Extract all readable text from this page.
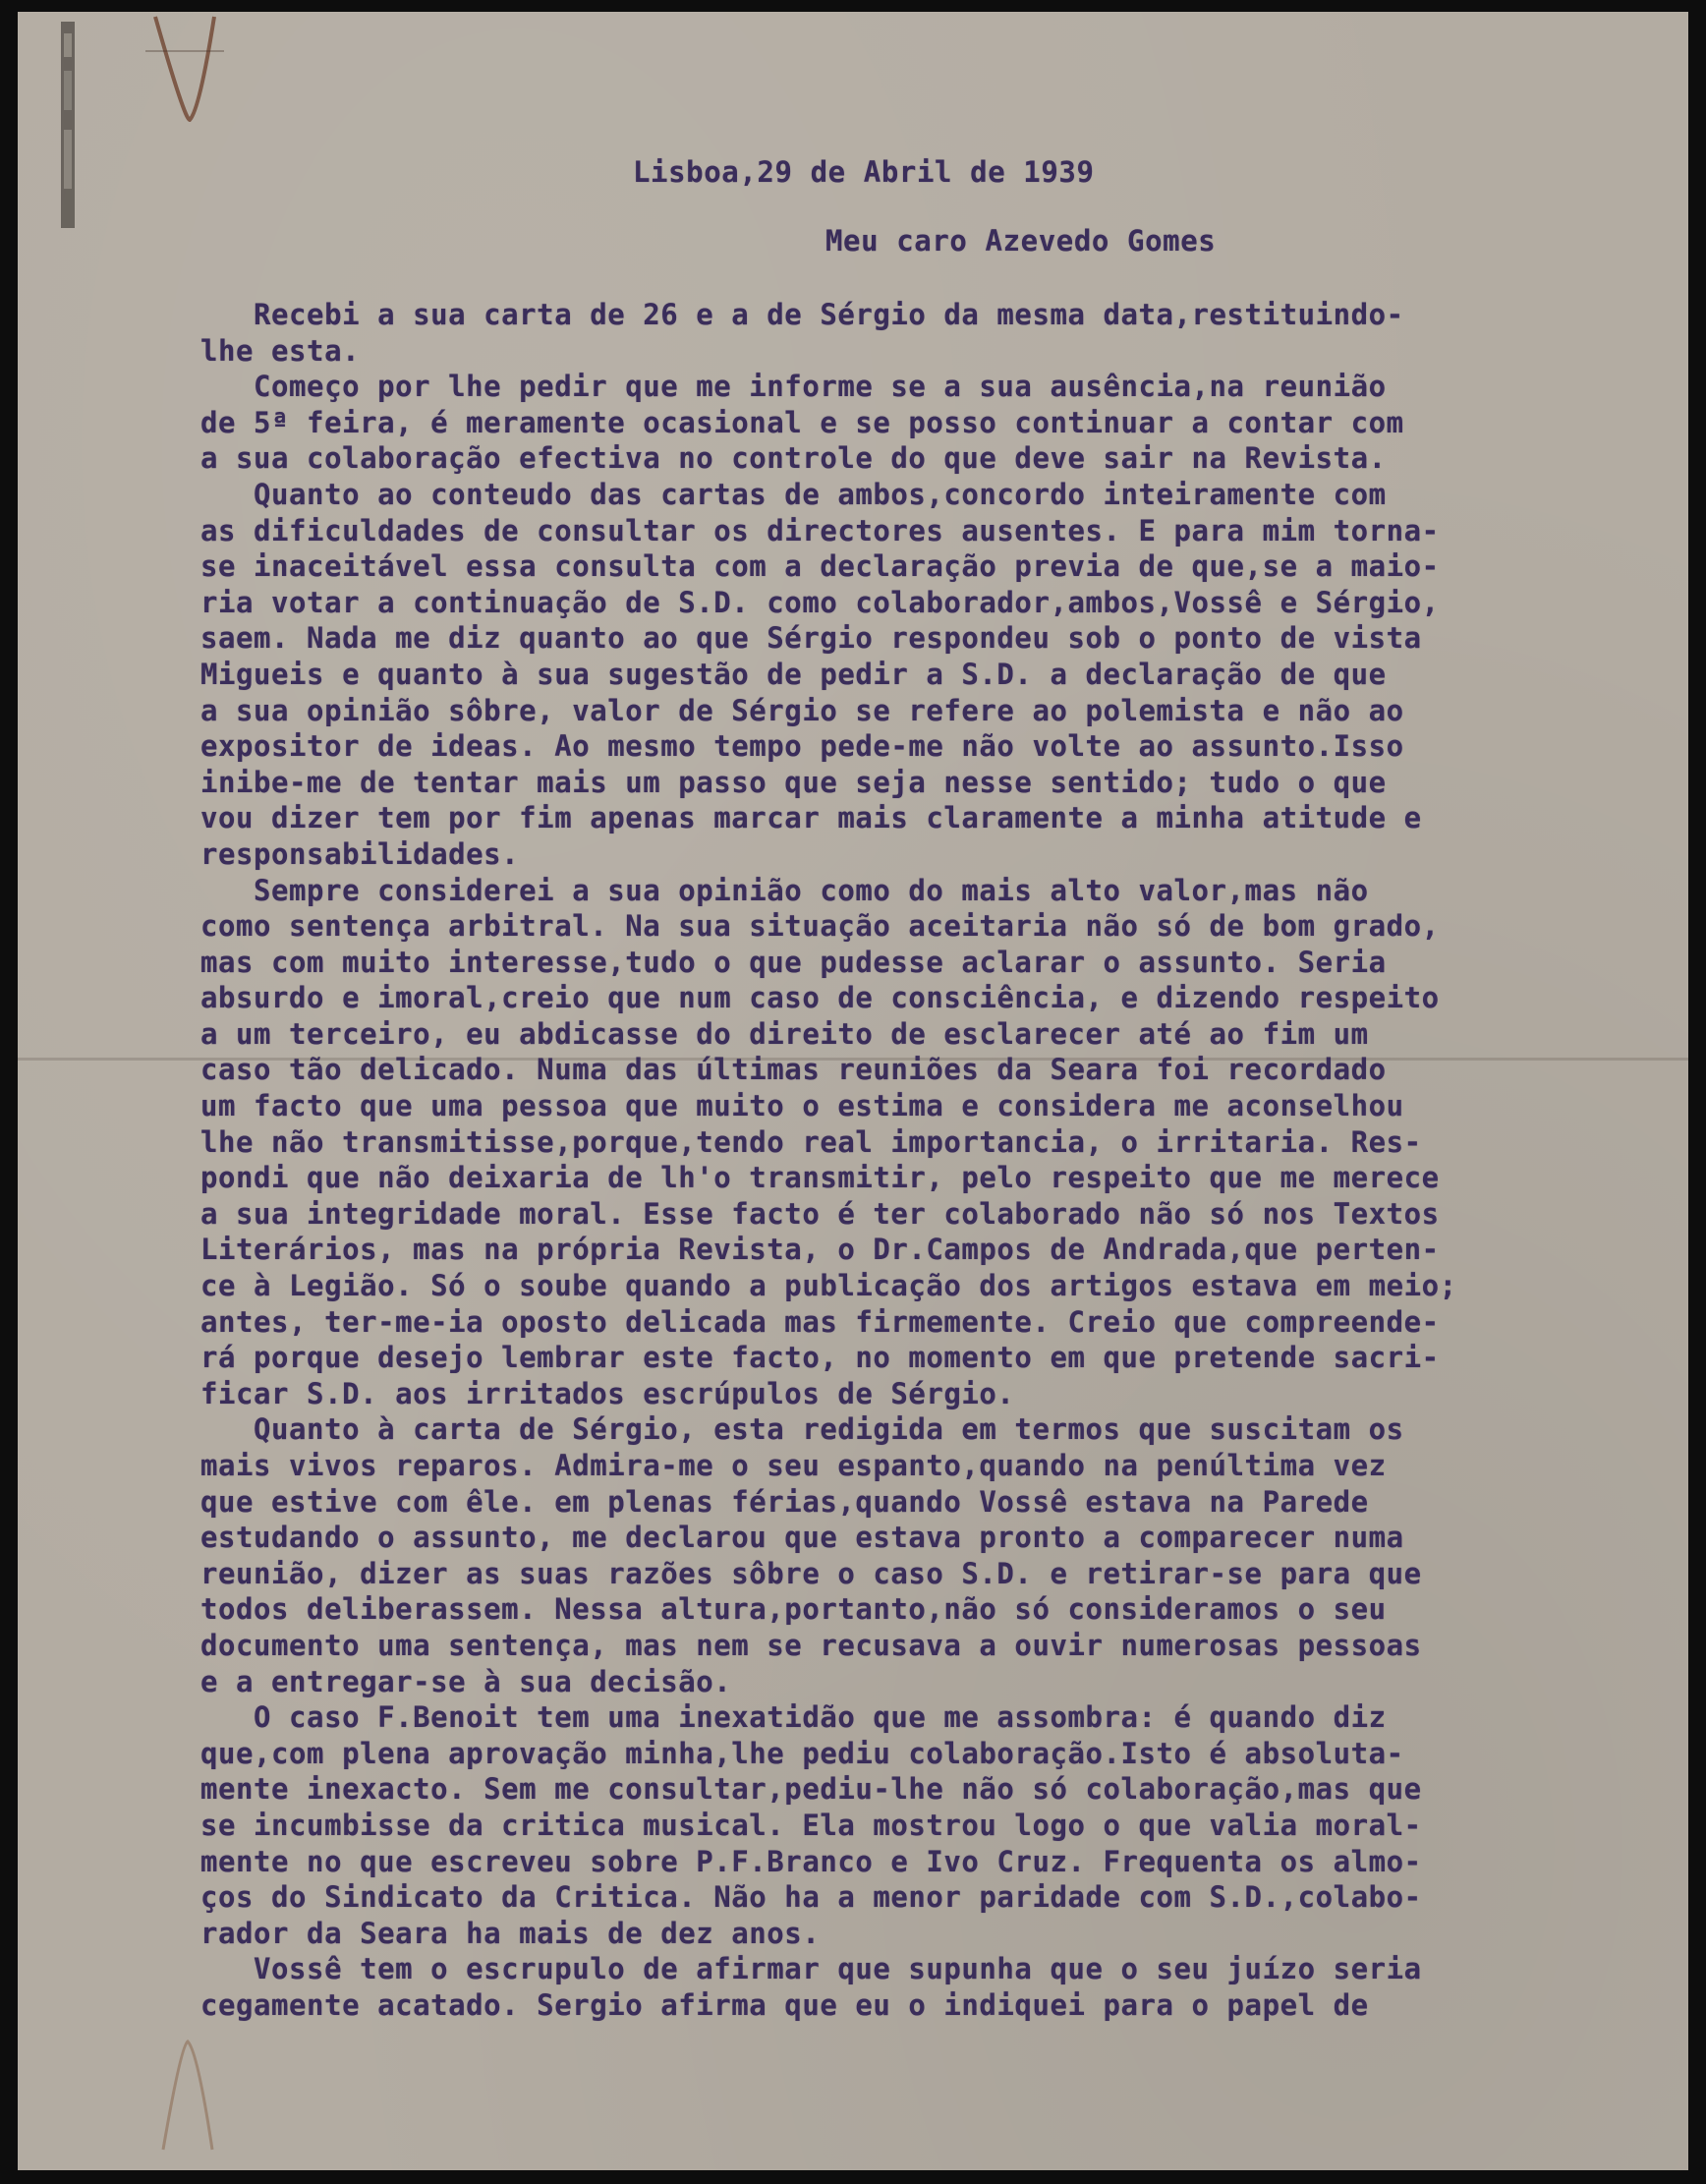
Lisboa,29 de Abril de 1939
Meu caro Azevedo Gomes
Recebi a sua carta de 26 e a de Sérgio da mesma data,restituindo-
lhe esta.
Começo por lhe pedir que me informe se a sua ausência,na reunião
de 5ª feira, é meramente ocasional e se posso continuar a contar com
a sua colaboração efectiva no controle do que deve sair na Revista.
Quanto ao conteudo das cartas de ambos,concordo inteiramente com
as dificuldades de consultar os directores ausentes. E para mim torna-
se inaceitável essa consulta com a declaração previa de que,se a maio-
ria votar a continuação de S.D. como colaborador,ambos,Vossê e Sérgio,
saem. Nada me diz quanto ao que Sérgio respondeu sob o ponto de vista
Migueis e quanto à sua sugestão de pedir a S.D. a declaração de que
a sua opinião sôbre, valor de Sérgio se refere ao polemista e não ao
expositor de ideas. Ao mesmo tempo pede-me não volte ao assunto.Isso
inibe-me de tentar mais um passo que seja nesse sentido; tudo o que
vou dizer tem por fim apenas marcar mais claramente a minha atitude e
responsabilidades.
Sempre considerei a sua opinião como do mais alto valor,mas não
como sentença arbitral. Na sua situação aceitaria não só de bom grado,
mas com muito interesse,tudo o que pudesse aclarar o assunto. Seria
absurdo e imoral,creio que num caso de consciência, e dizendo respeito
a um terceiro, eu abdicasse do direito de esclarecer até ao fim um
caso tão delicado. Numa das últimas reuniões da Seara foi recordado
um facto que uma pessoa que muito o estima e considera me aconselhou
lhe não transmitisse,porque,tendo real importancia, o irritaria. Res-
pondi que não deixaria de lh'o transmitir, pelo respeito que me merece
a sua integridade moral. Esse facto é ter colaborado não só nos Textos
Literários, mas na própria Revista, o Dr.Campos de Andrada,que perten-
ce à Legião. Só o soube quando a publicação dos artigos estava em meio;
antes, ter-me-ia oposto delicada mas firmemente. Creio que compreende-
rá porque desejo lembrar este facto, no momento em que pretende sacri-
ficar S.D. aos irritados escrúpulos de Sérgio.
Quanto à carta de Sérgio, esta redigida em termos que suscitam os
mais vivos reparos. Admira-me o seu espanto,quando na penúltima vez
que estive com êle. em plenas férias,quando Vossê estava na Parede
estudando o assunto, me declarou que estava pronto a comparecer numa
reunião, dizer as suas razões sôbre o caso S.D. e retirar-se para que
todos deliberassem. Nessa altura,portanto,não só consideramos o seu
documento uma sentença, mas nem se recusava a ouvir numerosas pessoas
e a entregar-se à sua decisão.
O caso F.Benoit tem uma inexatidão que me assombra: é quando diz
que,com plena aprovação minha,lhe pediu colaboração.Isto é absoluta-
mente inexacto. Sem me consultar,pediu-lhe não só colaboração,mas que
se incumbisse da critica musical. Ela mostrou logo o que valia moral-
mente no que escreveu sobre P.F.Branco e Ivo Cruz. Frequenta os almo-
ços do Sindicato da Critica. Não ha a menor paridade com S.D.,colabo-
rador da Seara ha mais de dez anos.
Vossê tem o escrupulo de afirmar que supunha que o seu juízo seria
cegamente acatado. Sergio afirma que eu o indiquei para o papel de
